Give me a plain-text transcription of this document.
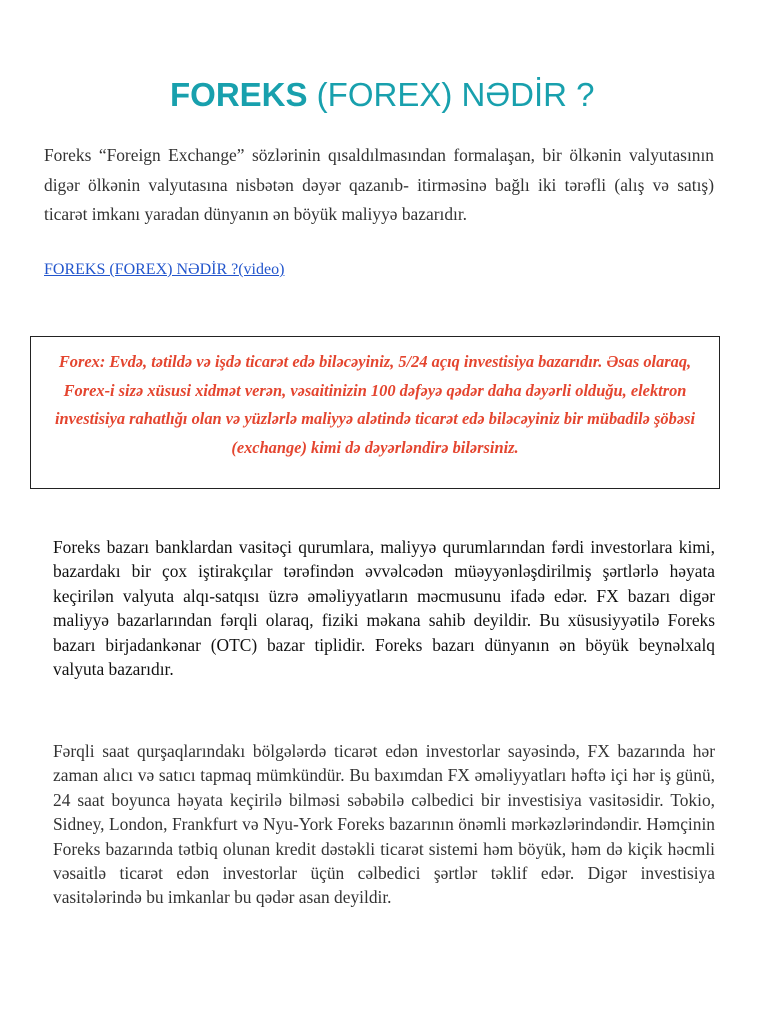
FOREKS (FOREX) NƏDİR ?

Foreks “Foreign Exchange” sözlərinin qısaldılmasından formalaşan, bir ölkənin valyutasının digər ölkənin valyutasına nisbətən dəyər qazanıb- itirməsinə bağlı iki tərəfli (alış və satış) ticarət imkanı yaradan dünyanın ən böyük maliyyə bazarıdır.

FOREKS (FOREX) NƏDİR ?(video)

Forex: Evdə, tətildə və işdə ticarət edə biləcəyiniz, 5/24 açıq investisiya bazarıdır. Əsas olaraq, Forex-i sizə xüsusi xidmət verən, vəsaitinizin 100 dəfəyə qədər daha dəyərli olduğu, elektron investisiya rahatlığı olan və yüzlərlə maliyyə alətində ticarət edə biləcəyiniz bir mübadilə şöbəsi (exchange) kimi də dəyərləndirə bilərsiniz.

Foreks bazarı banklardan vasitəçi qurumlara, maliyyə qurumlarından fərdi investorlara kimi, bazardakı bir çox iştirakçılar tərəfindən əvvəlcədən müəyyənləşdirilmiş şərtlərlə həyata keçirilən valyuta alqı-satqısı üzrə əməliyyatların məcmusunu ifadə edər. FX bazarı digər maliyyə bazarlarından fərqli olaraq, fiziki məkana sahib deyildir. Bu xüsusiyyətilə Foreks bazarı birjadankənar (OTC) bazar tiplidir. Foreks bazarı dünyanın ən böyük beynəlxalq valyuta bazarıdır.

Fərqli saat qurşaqlarındakı bölgələrdə ticarət edən investorlar sayəsində, FX bazarında hər zaman alıcı və satıcı tapmaq mümkündür. Bu baxımdan FX əməliyyatları həftə içi hər iş günü, 24 saat boyunca həyata keçirilə bilməsi səbəbilə cəlbedici bir investisiya vasitəsidir. Tokio, Sidney, London, Frankfurt və Nyu-York Foreks bazarının önəmli mərkəzlərindəndir. Həmçinin Foreks bazarında tətbiq olunan kredit dəstəkli ticarət sistemi həm böyük, həm də kiçik həcmli vəsaitlə ticarət edən investorlar üçün cəlbedici şərtlər təklif edər. Digər investisiya vasitələrində bu imkanlar bu qədər asan deyildir.
